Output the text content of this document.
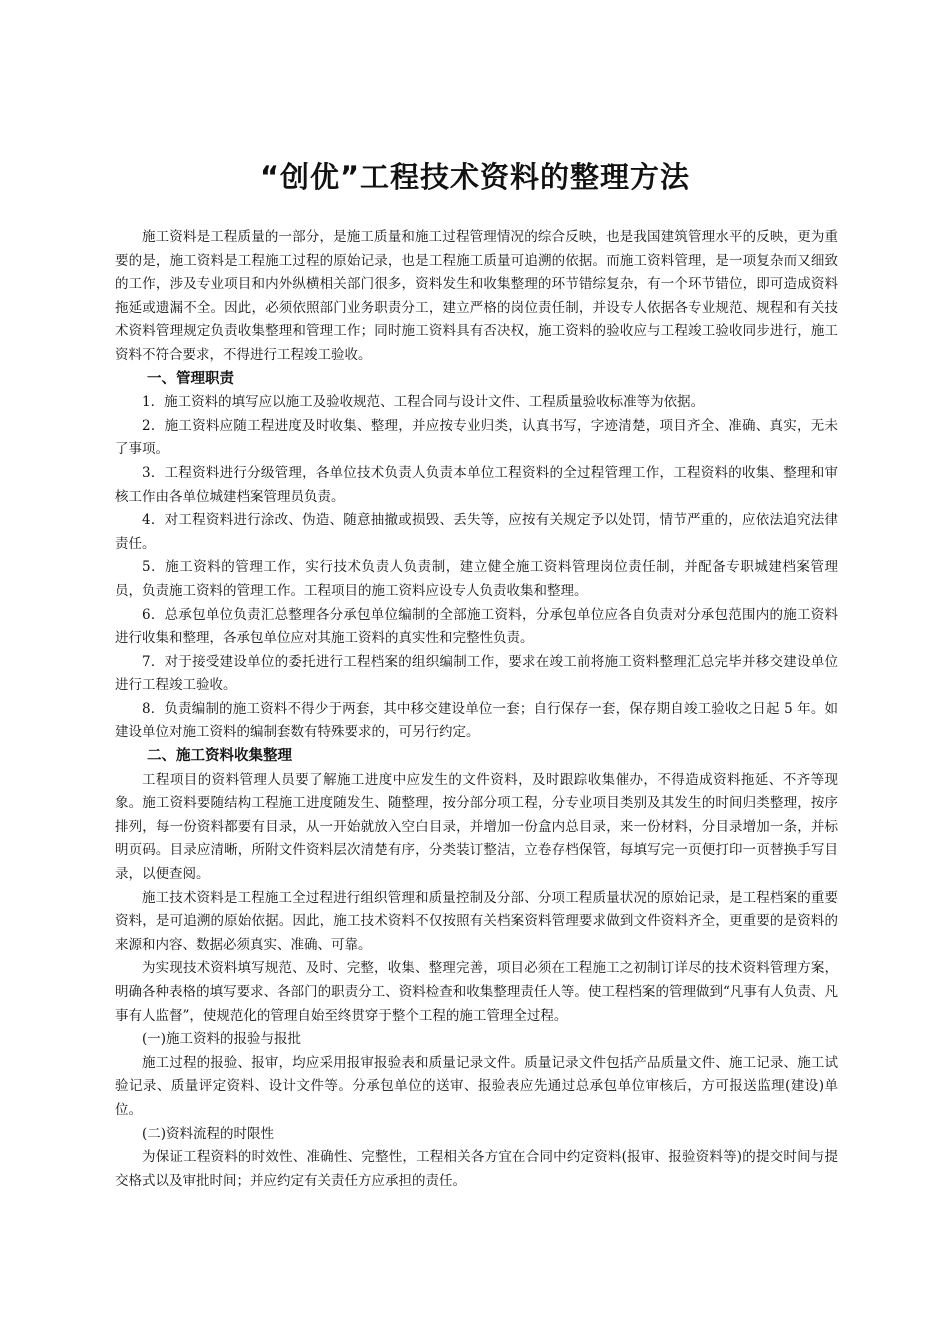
“创优”工程技术资料的整理方法

施工资料是工程质量的一部分，是施工质量和施工过程管理情况的综合反映，也是我国建筑管理水平的反映，更为重要的是，施工资料是工程施工过程的原始记录，也是工程施工质量可追溯的依据。而施工资料管理，是一项复杂而又细致的工作，涉及专业项目和内外纵横相关部门很多，资料发生和收集整理的环节错综复杂，有一个环节错位，即可造成资料拖延或遗漏不全。因此，必须依照部门业务职责分工，建立严格的岗位责任制，并设专人依据各专业规范、规程和有关技术资料管理规定负责收集整理和管理工作；同时施工资料具有否决权，施工资料的验收应与工程竣工验收同步进行，施工资料不符合要求，不得进行工程竣工验收。

一、管理职责

1．施工资料的填写应以施工及验收规范、工程合同与设计文件、工程质量验收标准等为依据。

2．施工资料应随工程进度及时收集、整理，并应按专业归类，认真书写，字迹清楚，项目齐全、准确、真实，无未了事项。

3．工程资料进行分级管理，各单位技术负责人负责本单位工程资料的全过程管理工作，工程资料的收集、整理和审核工作由各单位城建档案管理员负责。

4．对工程资料进行涂改、伪造、随意抽撤或损毁、丢失等，应按有关规定予以处罚，情节严重的，应依法追究法律责任。

5．施工资料的管理工作，实行技术负责人负责制，建立健全施工资料管理岗位责任制，并配备专职城建档案管理员，负责施工资料的管理工作。工程项目的施工资料应设专人负责收集和整理。

6．总承包单位负责汇总整理各分承包单位编制的全部施工资料，分承包单位应各自负责对分承包范围内的施工资料进行收集和整理，各承包单位应对其施工资料的真实性和完整性负责。

7．对于接受建设单位的委托进行工程档案的组织编制工作，要求在竣工前将施工资料整理汇总完毕并移交建设单位进行工程竣工验收。

8．负责编制的施工资料不得少于两套，其中移交建设单位一套；自行保存一套，保存期自竣工验收之日起 5 年。如建设单位对施工资料的编制套数有特殊要求的，可另行约定。

二、施工资料收集整理

工程项目的资料管理人员要了解施工进度中应发生的文件资料，及时跟踪收集催办，不得造成资料拖延、不齐等现象。施工资料要随结构工程施工进度随发生、随整理，按分部分项工程，分专业项目类别及其发生的时间归类整理，按序排列，每一份资料都要有目录，从一开始就放入空白目录，并增加一份盒内总目录，来一份材料，分目录增加一条，并标明页码。目录应清晰，所附文件资料层次清楚有序，分类装订整洁，立卷存档保管，每填写完一页便打印一页替换手写目录，以便查阅。

施工技术资料是工程施工全过程进行组织管理和质量控制及分部、分项工程质量状况的原始记录，是工程档案的重要资料，是可追溯的原始依据。因此，施工技术资料不仅按照有关档案资料管理要求做到文件资料齐全，更重要的是资料的来源和内容、数据必须真实、准确、可靠。

为实现技术资料填写规范、及时、完整，收集、整理完善，项目必须在工程施工之初制订详尽的技术资料管理方案，明确各种表格的填写要求、各部门的职责分工、资料检查和收集整理责任人等。使工程档案的管理做到“凡事有人负责、凡事有人监督”，使规范化的管理自始至终贯穿于整个工程的施工管理全过程。

(一)施工资料的报验与报批

施工过程的报验、报审，均应采用报审报验表和质量记录文件。质量记录文件包括产品质量文件、施工记录、施工试验记录、质量评定资料、设计文件等。分承包单位的送审、报验表应先通过总承包单位审核后，方可报送监理(建设)单位。

(二)资料流程的时限性

为保证工程资料的时效性、准确性、完整性，工程相关各方宜在合同中约定资料(报审、报验资料等)的提交时间与提交格式以及审批时间；并应约定有关责任方应承担的责任。
